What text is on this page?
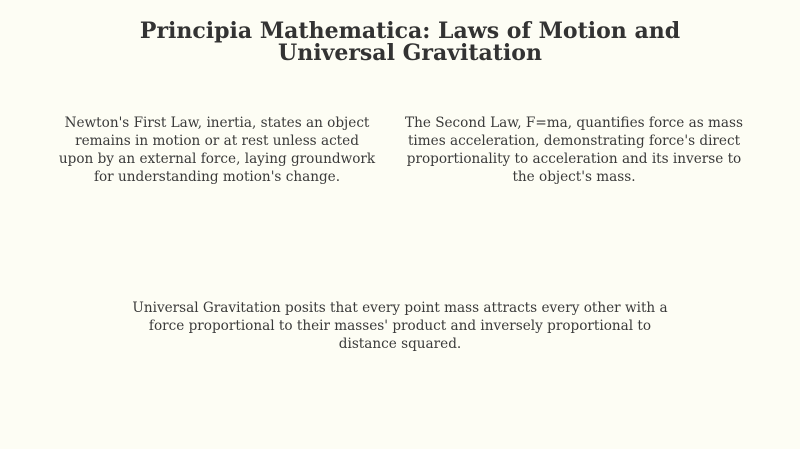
Principia Mathematica: Laws of Motion and Universal Gravitation

Newton's First Law, inertia, states an object remains in motion or at rest unless acted upon by an external force, laying groundwork for understanding motion's change.

The Second Law, F=ma, quantifies force as mass times acceleration, demonstrating force's direct proportionality to acceleration and its inverse to the object's mass.

Universal Gravitation posits that every point mass attracts every other with a force proportional to their masses' product and inversely proportional to distance squared.
